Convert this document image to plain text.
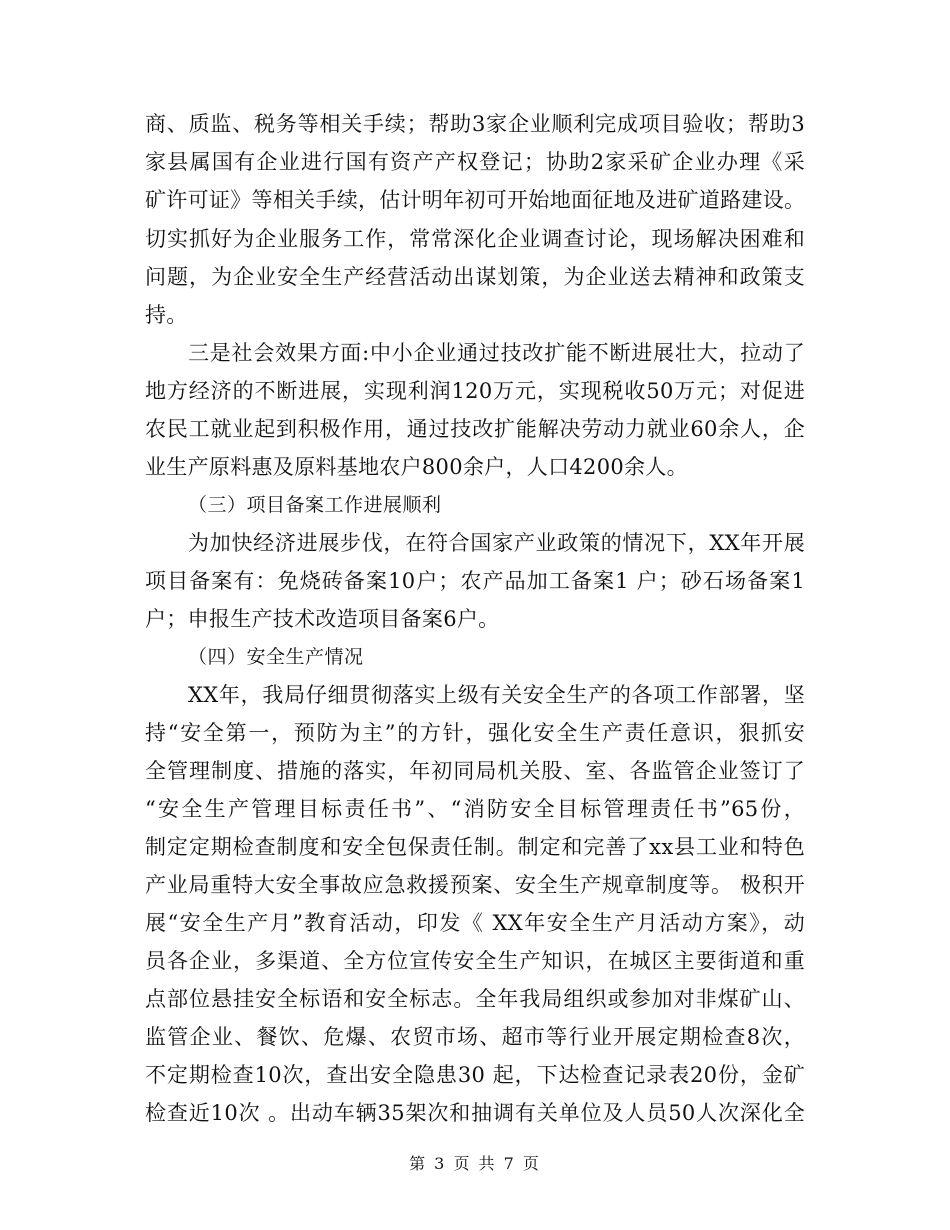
商、质监、税务等相关手续；帮助3家企业顺利完成项目验收；帮助3
家县属国有企业进行国有资产产权登记；协助2家采矿企业办理《采
矿许可证》等相关手续，估计明年初可开始地面征地及进矿道路建设。
切实抓好为企业服务工作，常常深化企业调查讨论，现场解决困难和
问题，为企业安全生产经营活动出谋划策，为企业送去精神和政策支
持。
三是社会效果方面:中小企业通过技改扩能不断进展壮大，拉动了
地方经济的不断进展，实现利润120万元，实现税收50万元；对促进
农民工就业起到积极作用，通过技改扩能解决劳动力就业60余人，企
业生产原料惠及原料基地农户800余户，人口4200余人。
（三）项目备案工作进展顺利
为加快经济进展步伐，在符合国家产业政策的情况下，XX年开展
项目备案有：免烧砖备案10户；农产品加工备案1 户；砂石场备案1
户；申报生产技术改造项目备案6户。
（四）安全生产情况
XX年，我局仔细贯彻落实上级有关安全生产的各项工作部署，坚
持“安全第一，预防为主”的方针，强化安全生产责任意识，狠抓安
全管理制度、措施的落实，年初同局机关股、室、各监管企业签订了
“安全生产管理目标责任书”、“消防安全目标管理责任书”65份，
制定定期检查制度和安全包保责任制。制定和完善了xx县工业和特色
产业局重特大安全事故应急救援预案、安全生产规章制度等。 极积开
展“安全生产月”教育活动，印发《 XX年安全生产月活动方案》，动
员各企业，多渠道、全方位宣传安全生产知识，在城区主要街道和重
点部位悬挂安全标语和安全标志。全年我局组织或参加对非煤矿山、
监管企业、餐饮、危爆、农贸市场、超市等行业开展定期检查8次，
不定期检查10次，查出安全隐患30 起，下达检查记录表20份，金矿
检查近10次 。出动车辆35架次和抽调有关单位及人员50人次深化全
第 3 页 共 7 页
